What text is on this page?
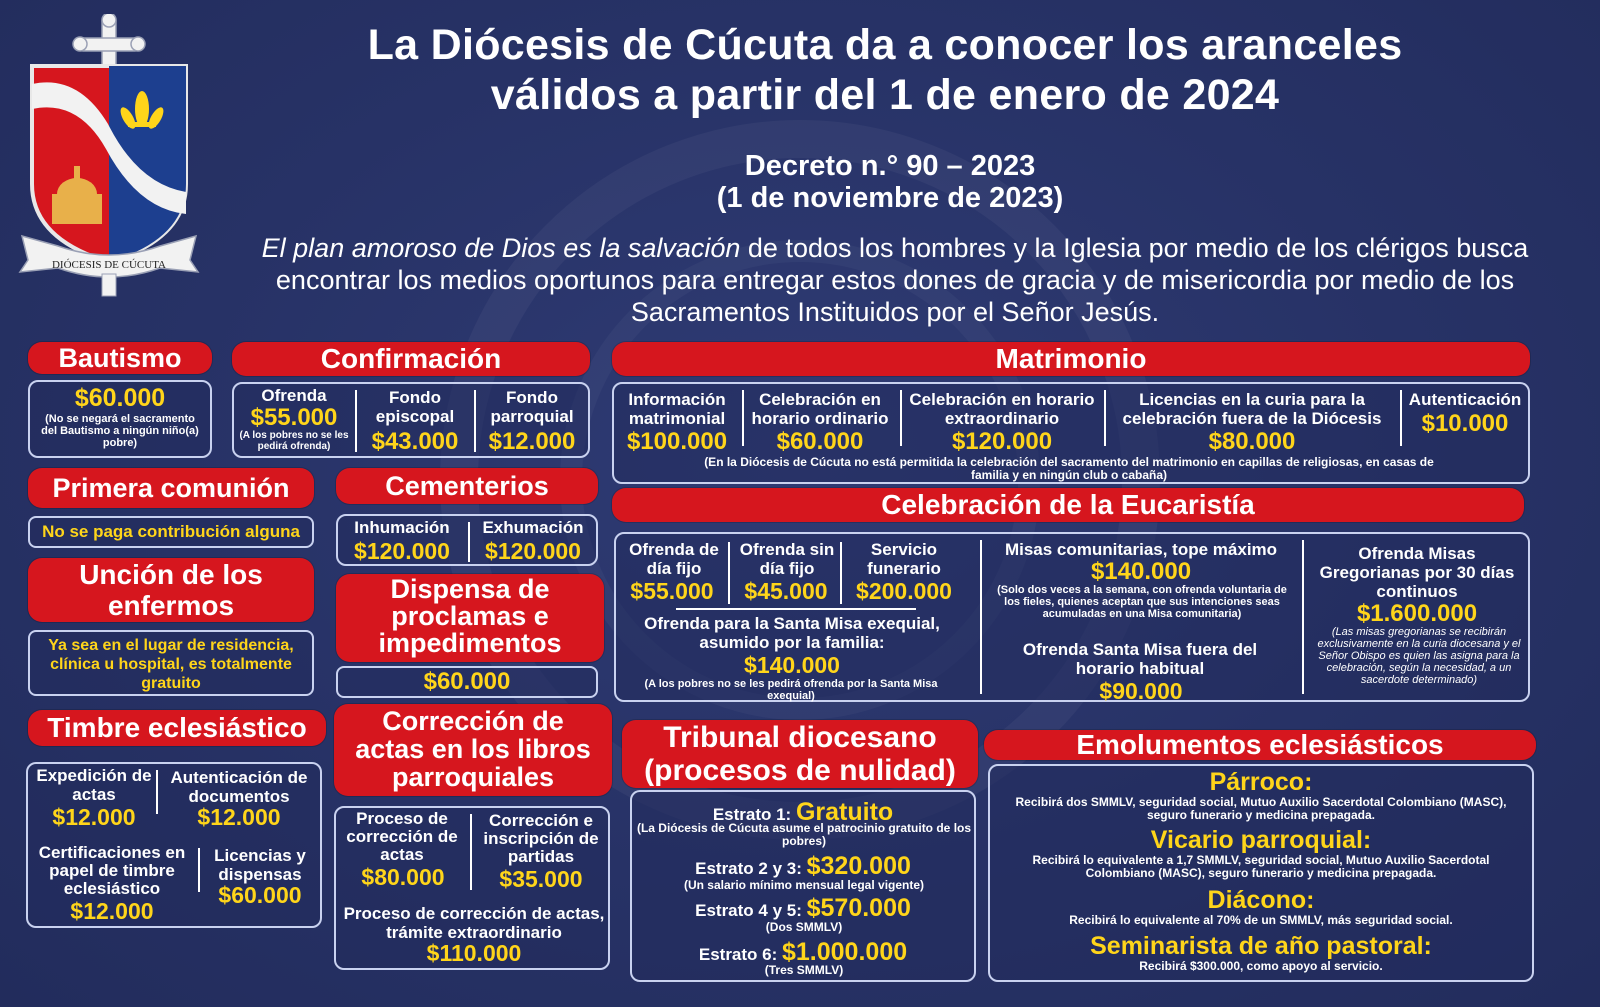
DIÓCESIS DE CÚCUTA
La Diócesis de Cúcuta da a conocer los aranceles
válidos a partir del 1 de enero de 2024
Decreto n.° 90 – 2023
(1 de noviembre de 2023)
El plan amoroso de Dios es la salvación de todos los hombres y la Iglesia por medio de los clérigos busca encontrar los medios oportunos para entregar estos dones de gracia y de misericordia por medio de los Sacramentos Instituidos por el Señor Jesús.
Bautismo
$60.000
(No se negará el sacramento del Bautismo a ningún niño(a) pobre)
Confirmación
Ofrenda
$55.000
(A los pobres no se les pedirá ofrenda)
Fondo episcopal
$43.000
Fondo parroquial
$12.000
Matrimonio
Información matrimonial
$100.000
Celebración en horario ordinario
$60.000
Celebración en horario extraordinario
$120.000
Licencias en la curia para la celebración fuera de la Diócesis
$80.000
Autenticación
$10.000
(En la Diócesis de Cúcuta no está permitida la celebración del sacramento del matrimonio en capillas de religiosas, en casas de familia y en ningún club o cabaña)
Primera comunión
No se paga contribución alguna
Cementerios
Inhumación
$120.000
Exhumación
$120.000
Unción de los
enfermos
Ya sea en el lugar de residencia, clínica u hospital, es totalmente gratuito
Dispensa de
proclamas e
impedimentos
$60.000
Celebración de la Eucaristía
Ofrenda de día fijo
$55.000
Ofrenda sin día fijo
$45.000
Servicio funerario
$200.000
Ofrenda para la Santa Misa exequial, asumido por la familia:
$140.000
(A los pobres no se les pedirá ofrenda por la Santa Misa exequial)
Misas comunitarias, tope máximo
$140.000
(Solo dos veces a la semana, con ofrenda voluntaria de los fieles, quienes aceptan que sus intenciones seas acumuladas en una Misa comunitaria)
Ofrenda Santa Misa fuera del horario habitual
$90.000
Ofrenda Misas Gregorianas por 30 días continuos
$1.600.000
(Las misas gregorianas se recibirán exclusivamente en la curia diocesana y el Señor Obispo es quien las asigna para la celebración, según la necesidad, a un sacerdote determinado)
Timbre eclesiástico
Expedición de actas
$12.000
Autenticación de documentos
$12.000
Certificaciones en papel de timbre eclesiástico
$12.000
Licencias y dispensas
$60.000
Corrección de
actas en los libros
parroquiales
Proceso de corrección de actas
$80.000
Corrección e inscripción de partidas
$35.000
Proceso de corrección de actas, trámite extraordinario
$110.000
Tribunal diocesano
(procesos de nulidad)
Estrato 1: Gratuito
(La Diócesis de Cúcuta asume el patrocinio gratuito de los pobres)
Estrato 2 y 3: $320.000
(Un salario mínimo mensual legal vigente)
Estrato 4 y 5: $570.000
(Dos SMMLV)
Estrato 6: $1.000.000
(Tres SMMLV)
Emolumentos eclesiásticos
Párroco:
Recibirá dos SMMLV, seguridad social, Mutuo Auxilio Sacerdotal Colombiano (MASC), seguro funerario y medicina prepagada.
Vicario parroquial:
Recibirá lo equivalente a 1,7 SMMLV, seguridad social, Mutuo Auxilio Sacerdotal Colombiano (MASC), seguro funerario y medicina prepagada.
Diácono:
Recibirá lo equivalente al 70% de un SMMLV, más seguridad social.
Seminarista de año pastoral:
Recibirá $300.000, como apoyo al servicio.
